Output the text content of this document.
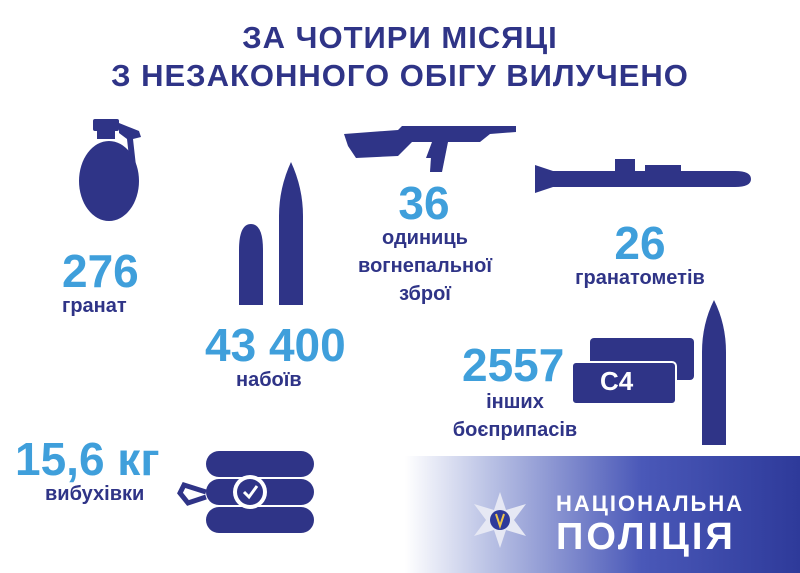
ЗА ЧОТИРИ МІСЯЦІ
З НЕЗАКОННОГО ОБІГУ ВИЛУЧЕНО
276
гранат
43 400
набоїв
36
одиниць
вогнепальної
зброї
26
гранатометів
C4
2557
інших
боєприпасів
15,6 кг
вибухівки	НАЦІОНАЛЬНА
ПОЛІЦІЯ
